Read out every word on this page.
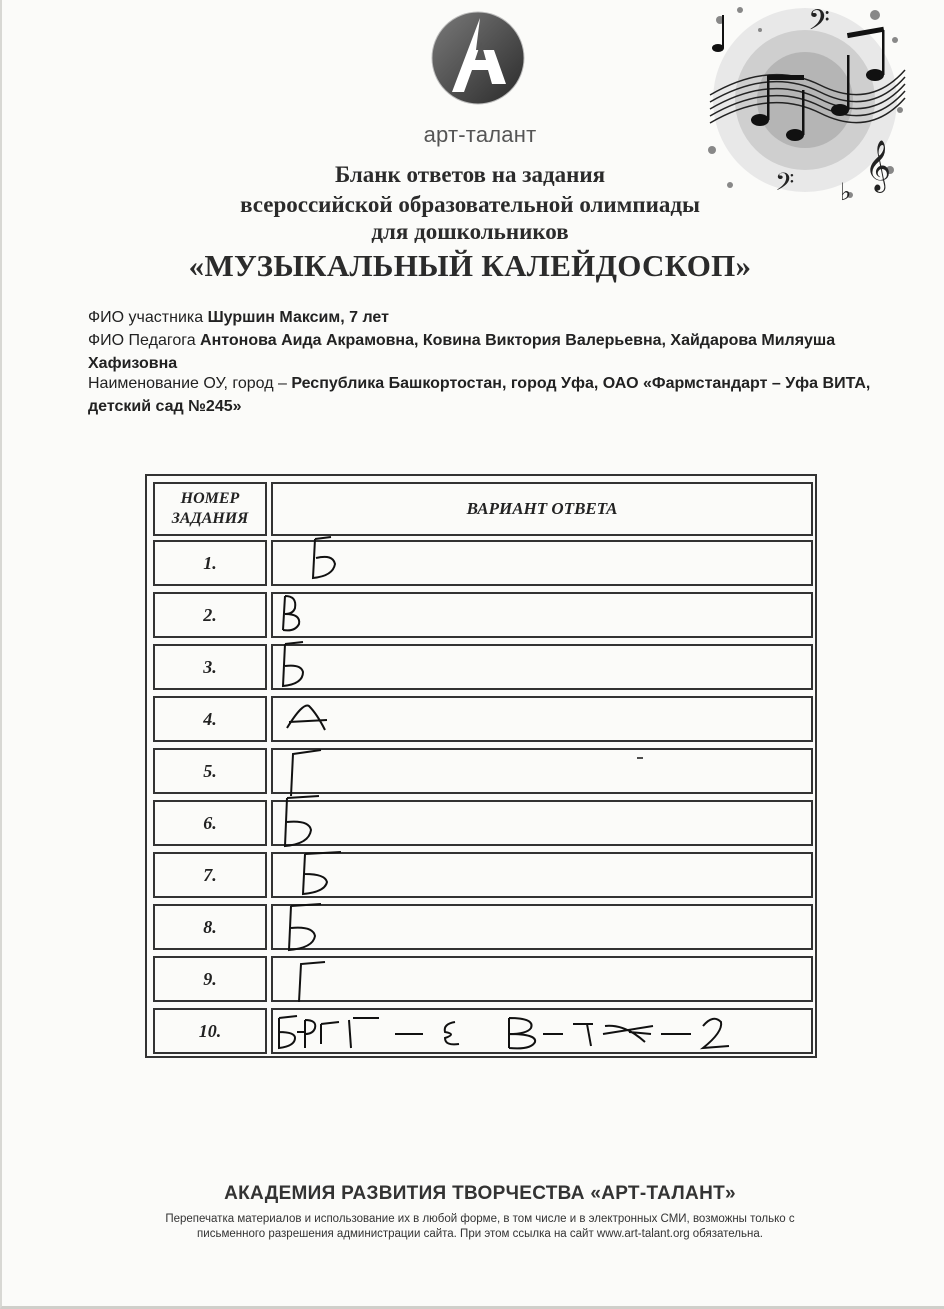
арт-талант
𝄢
𝄞
𝄢 ♭
Бланк ответов на задания
всероссийской образовательной олимпиады
для дошкольников
«МУЗЫКАЛЬНЫЙ КАЛЕЙДОСКОП»
ФИО участника Шуршин Максим, 7 лет
ФИО Педагога Антонова Аида Акрамовна, Ковина Виктория Валерьевна, Хайдарова Миляуша Хафизовна
Наименование ОУ, город – Республика Башкортостан, город Уфа, ОАО «Фармстандарт – Уфа ВИТА, детский сад №245»
НОМЕР ЗАДАНИЯ
ВАРИАНТ ОТВЕТА
1.
2.
3.
4.
5.
6.
7.
8.
9.
10.
АКАДЕМИЯ РАЗВИТИЯ ТВОРЧЕСТВА «АРТ-ТАЛАНТ»
Перепечатка материалов и использование их в любой форме, в том числе и в электронных СМИ, возможны только с
письменного разрешения администрации сайта. При этом ссылка на сайт www.art-talant.org обязательна.
